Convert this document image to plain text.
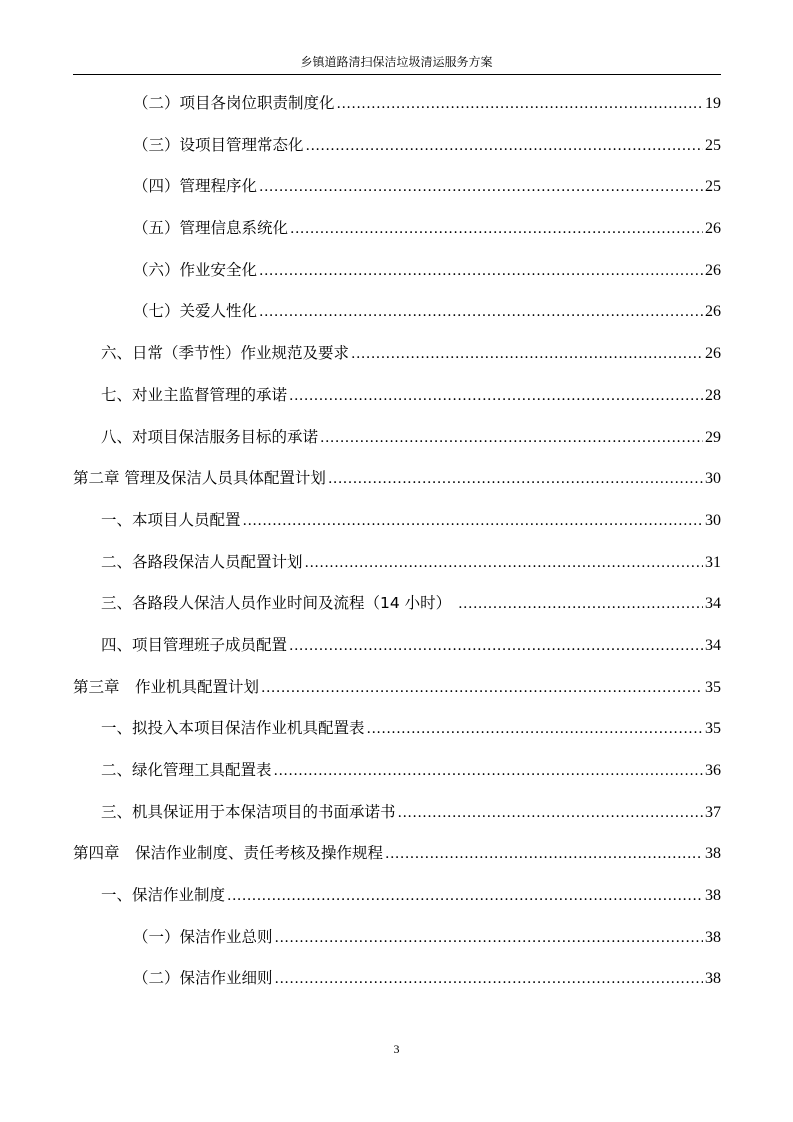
乡镇道路清扫保洁垃圾清运服务方案
（二）项目各岗位职责制度化 .....	19
（三）设项目管理常态化 .....	25
（四）管理程序化 .....	25
（五）管理信息系统化 .....	26
（六）作业安全化 .....	26
（七）关爱人性化 .....	26
六、日常（季节性）作业规范及要求 .....	26
七、对业主监督管理的承诺 .....	28
八、对项目保洁服务目标的承诺 .....	29
第二章 管理及保洁人员具体配置计划 .....	30
一、本项目人员配置 .....	30
二、各路段保洁人员配置计划 .....	31
三、各路段人保洁人员作业时间及流程（14 小时） .....	34
四、项目管理班子成员配置 .....	34
第三章　作业机具配置计划 .....	35
一、拟投入本项目保洁作业机具配置表 .....	35
二、绿化管理工具配置表 .....	36
三、机具保证用于本保洁项目的书面承诺书 .....	37
第四章　保洁作业制度、责任考核及操作规程 .....	38
一、保洁作业制度 .....	38
（一）保洁作业总则 .....	38
（二）保洁作业细则 .....	38
3
